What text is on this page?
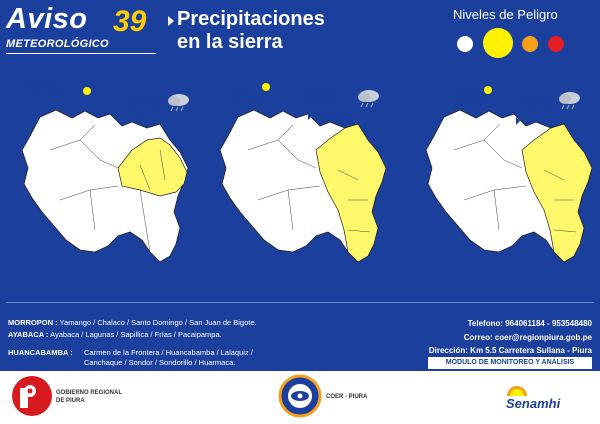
Aviso 39
METEOROLÓGICO
Precipitaciones
en la sierra
Niveles de Peligro
Domingo
28 Febrero	Acumulados de
lluvia moderada
30 mm/día
Lunes
01 Marzo
Acumulados
próximos a
25 mm/día
Martes
02 Marzo	Acumulados
superiores a
25 mm/día
MORROPON : Yamango / Chalaco / Santo Domingo / San Juan de Bigote.
AYABACA : Ayabaca / Lagunas / Sapillica / Frías / Pacaipampa.
HUANCABAMBA : Carmen de la Frontera / Huancabamba / Lalaquiz /
Canchaque / Sondor / Sondorillo / Huarmaca.
Telefono: 964061184 - 953548480
Correo: coer@regionpiura.gob.pe
Dirección: Km 5.5 Carretera Sullana - Piura
MÓDULO DE MONITOREO Y ANÁLISIS
GOBIERNO REGIONAL
DE PIURA
COER - PIURA	Senamhi
